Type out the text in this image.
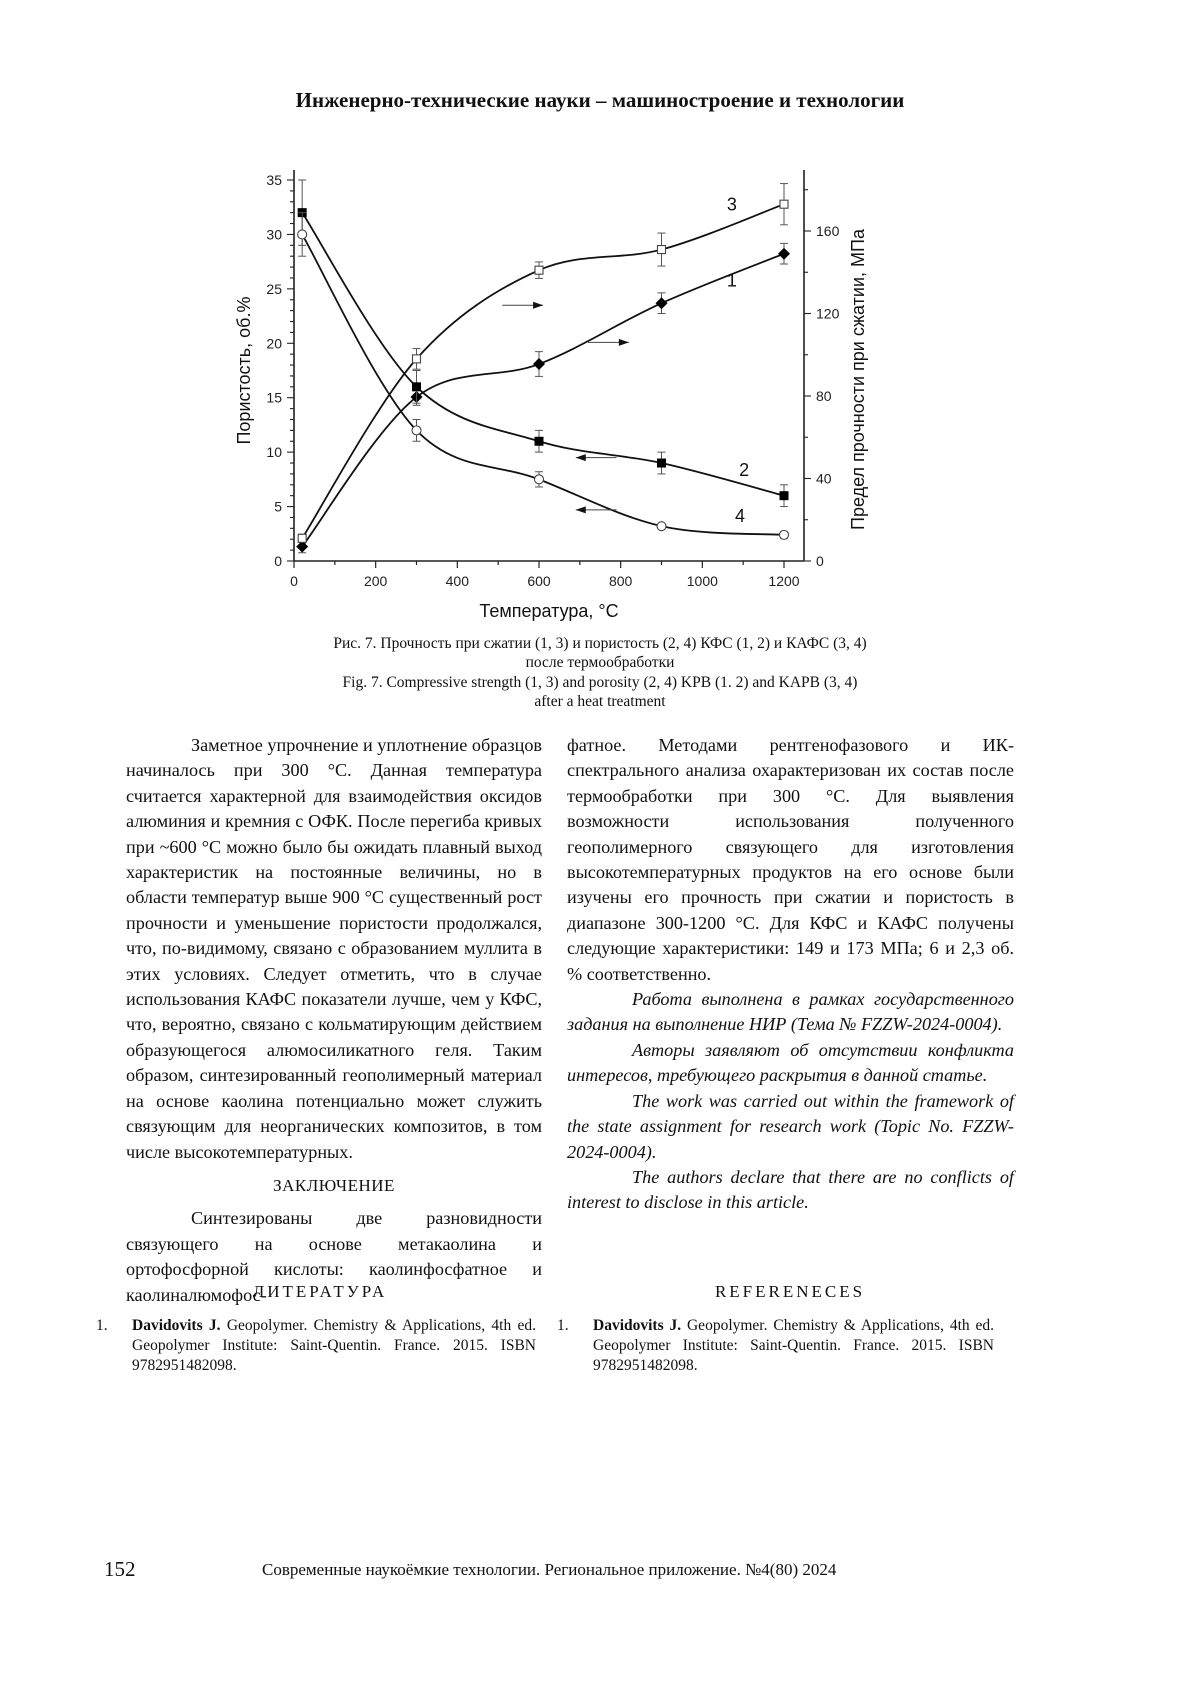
Инженерно-технические науки – машиностроение и технологии
0	200	400	600	800	1000	1200
0
5
10
15
20
25
30
35
0
40
80
120
160
Температура, °C
Пористость, об.%	Предел прочности при сжатии, МПа
3
1
2
4
Рис. 7. Прочность при сжатии (1, 3) и пористость (2, 4) КФС (1, 2) и КАФС (3, 4)
после термообработки
Fig. 7. Compressive strength (1, 3) and porosity (2, 4) KPB (1. 2) and KAPB (3, 4)
after a heat treatment

Заметное упрочнение и уплотнение образцов начиналось при 300 °С. Данная температура считается характерной для взаимодействия оксидов алюминия и кремния с ОФК. После перегиба кривых при ~600 °С можно было бы ожидать плавный выход характеристик на постоянные величины, но в области температур выше 900 °С существенный рост прочности и уменьшение пористости продолжался, что, по-видимому, связано с образованием муллита в этих условиях. Следует отметить, что в случае использования КАФС показатели лучше, чем у КФС, что, вероятно, связано с кольматирующим действием образующегося алюмосиликатного геля. Таким образом, синтезированный геополимерный материал на основе каолина потенциально может служить связующим для неорганических композитов, в том числе высокотемпературных.

ЗАКЛЮЧЕНИЕ

Синтезированы две разновидности связующего на основе метакаолина и ортофосфорной кислоты: каолинфосфатное и каолиналюмофос-

фатное. Методами рентгенофазового и ИК-спектрального анализа охарактеризован их состав после термообработки при 300 °С. Для выявления возможности использования полученного геополимерного связующего для изготовления высокотемпературных продуктов на его основе были изучены его прочность при сжатии и пористость в диапазоне 300-1200 °С. Для КФС и КАФС получены следующие характеристики: 149 и 173 МПа; 6 и 2,3 об. % соответственно.

Работа выполнена в рамках государственного задания на выполнение НИР (Тема № FZZW-2024-0004).

Авторы заявляют об отсутствии конфликта интересов, требующего раскрытия в данной статье.

The work was carried out within the framework of the state assignment for research work (Topic No. FZZW-2024-0004).

The authors declare that there are no conflicts of interest to disclose in this article.

ЛИТЕРАТУРА	REFERENECES
1. Davidovits J. Geopolymer. Chemistry & Applications, 4th ed. Geopolymer Institute: Saint-Quentin. France. 2015. ISBN 9782951482098.
1. Davidovits J. Geopolymer. Chemistry & Applications, 4th ed. Geopolymer Institute: Saint-Quentin. France. 2015. ISBN 9782951482098.
152	Современные наукоёмкие технологии. Региональное приложение. №4(80) 2024
